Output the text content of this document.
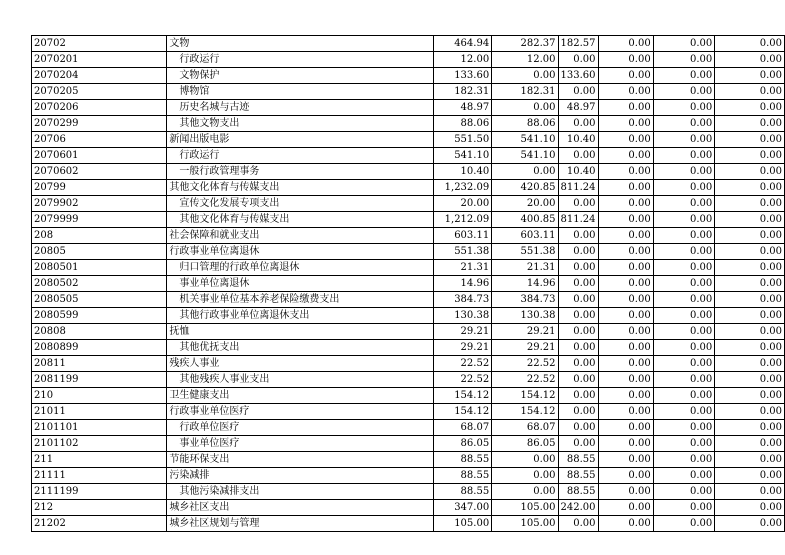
20702	文物	464.94	282.37	182.57	0.00	0.00	0.00
2070201	行政运行	12.00	12.00	0.00	0.00	0.00	0.00
2070204	文物保护	133.60	0.00	133.60	0.00	0.00	0.00
2070205	博物馆	182.31	182.31	0.00	0.00	0.00	0.00
2070206	历史名城与古迹	48.97	0.00	48.97	0.00	0.00	0.00
2070299	其他文物支出	88.06	88.06	0.00	0.00	0.00	0.00
20706	新闻出版电影	551.50	541.10	10.40	0.00	0.00	0.00
2070601	行政运行	541.10	541.10	0.00	0.00	0.00	0.00
2070602	一般行政管理事务	10.40	0.00	10.40	0.00	0.00	0.00
20799	其他文化体育与传媒支出	1,232.09	420.85	811.24	0.00	0.00	0.00
2079902	宣传文化发展专项支出	20.00	20.00	0.00	0.00	0.00	0.00
2079999	其他文化体育与传媒支出	1,212.09	400.85	811.24	0.00	0.00	0.00
208	社会保障和就业支出	603.11	603.11	0.00	0.00	0.00	0.00
20805	行政事业单位离退休	551.38	551.38	0.00	0.00	0.00	0.00
2080501	归口管理的行政单位离退休	21.31	21.31	0.00	0.00	0.00	0.00
2080502	事业单位离退休	14.96	14.96	0.00	0.00	0.00	0.00
2080505	机关事业单位基本养老保险缴费支出	384.73	384.73	0.00	0.00	0.00	0.00
2080599	其他行政事业单位离退休支出	130.38	130.38	0.00	0.00	0.00	0.00
20808	抚恤	29.21	29.21	0.00	0.00	0.00	0.00
2080899	其他优抚支出	29.21	29.21	0.00	0.00	0.00	0.00
20811	残疾人事业	22.52	22.52	0.00	0.00	0.00	0.00
2081199	其他残疾人事业支出	22.52	22.52	0.00	0.00	0.00	0.00
210	卫生健康支出	154.12	154.12	0.00	0.00	0.00	0.00
21011	行政事业单位医疗	154.12	154.12	0.00	0.00	0.00	0.00
2101101	行政单位医疗	68.07	68.07	0.00	0.00	0.00	0.00
2101102	事业单位医疗	86.05	86.05	0.00	0.00	0.00	0.00
211	节能环保支出	88.55	0.00	88.55	0.00	0.00	0.00
21111	污染减排	88.55	0.00	88.55	0.00	0.00	0.00
2111199	其他污染减排支出	88.55	0.00	88.55	0.00	0.00	0.00
212	城乡社区支出	347.00	105.00	242.00	0.00	0.00	0.00
21202	城乡社区规划与管理	105.00	105.00	0.00	0.00	0.00	0.00
